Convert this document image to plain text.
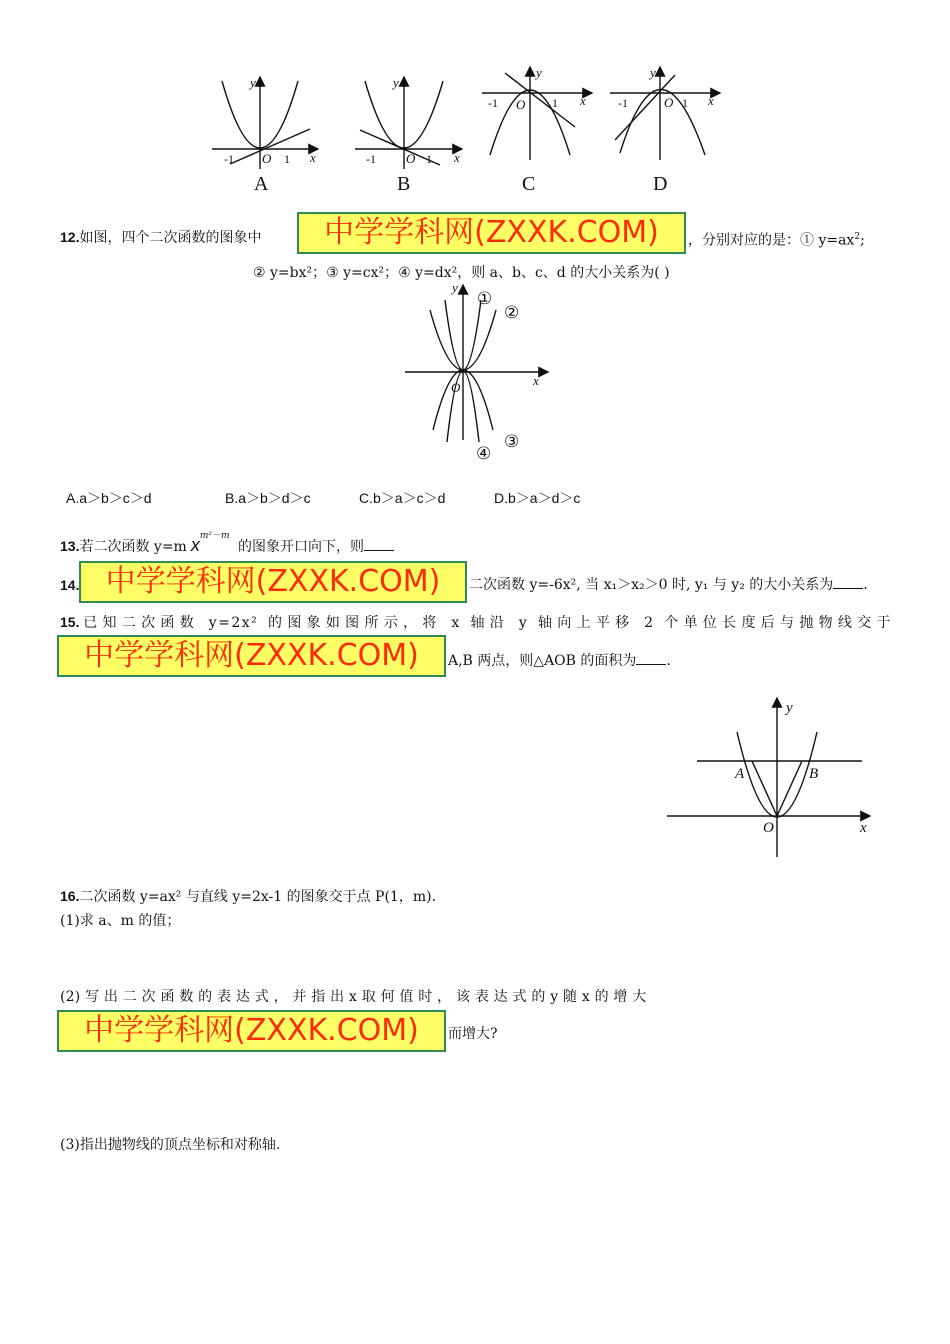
x
y
O	x
y
O
x
y
O	x
y
O
-1	1	-1	1
-1	1	-1	1
A	B	C	D
12.如图，四个二次函数的图象中	中学学科网(ZXXK.COM)	，分别对应的是：① $y=ax^2$;
② y=bx²；③ y=cx²；④ y=dx²，则 a、b、c、d 的大小关系为( )
x
y
O
①
②
③
④
A.a＞b＞c＞d	B.a＞b＞d＞c	C.b＞a＞c＞d	D.b＞a＞d＞c
13.若二次函数 y=m $x^{m^2-m}$ 的图象开口向下，则
14. 中学学科网(ZXXK.COM)	二次函数 y=-6x², 当 x₁＞x₂＞0 时, y₁ 与 y₂ 的大小关系为 .
15.已知二次函数 y=2x² 的图象如图所示，将 x 轴沿 y 轴向上平移 2 个单位长度后与抛物线交于
中学学科网(ZXXK.COM)	A,B 两点，则△AOB 的面积为 .
A	B
O	x
y
16.二次函数 y=ax² 与直线 y=2x-1 的图象交于点 P(1，m).
(1)求 a、m 的值；
(2) 写 出 二 次 函 数 的 表 达 式 ， 并 指 出 x 取 何 值 时 ， 该 表 达 式 的 y 随 x 的 增 大
中学学科网(ZXXK.COM)	而增大?
(3)指出抛物线的顶点坐标和对称轴.
